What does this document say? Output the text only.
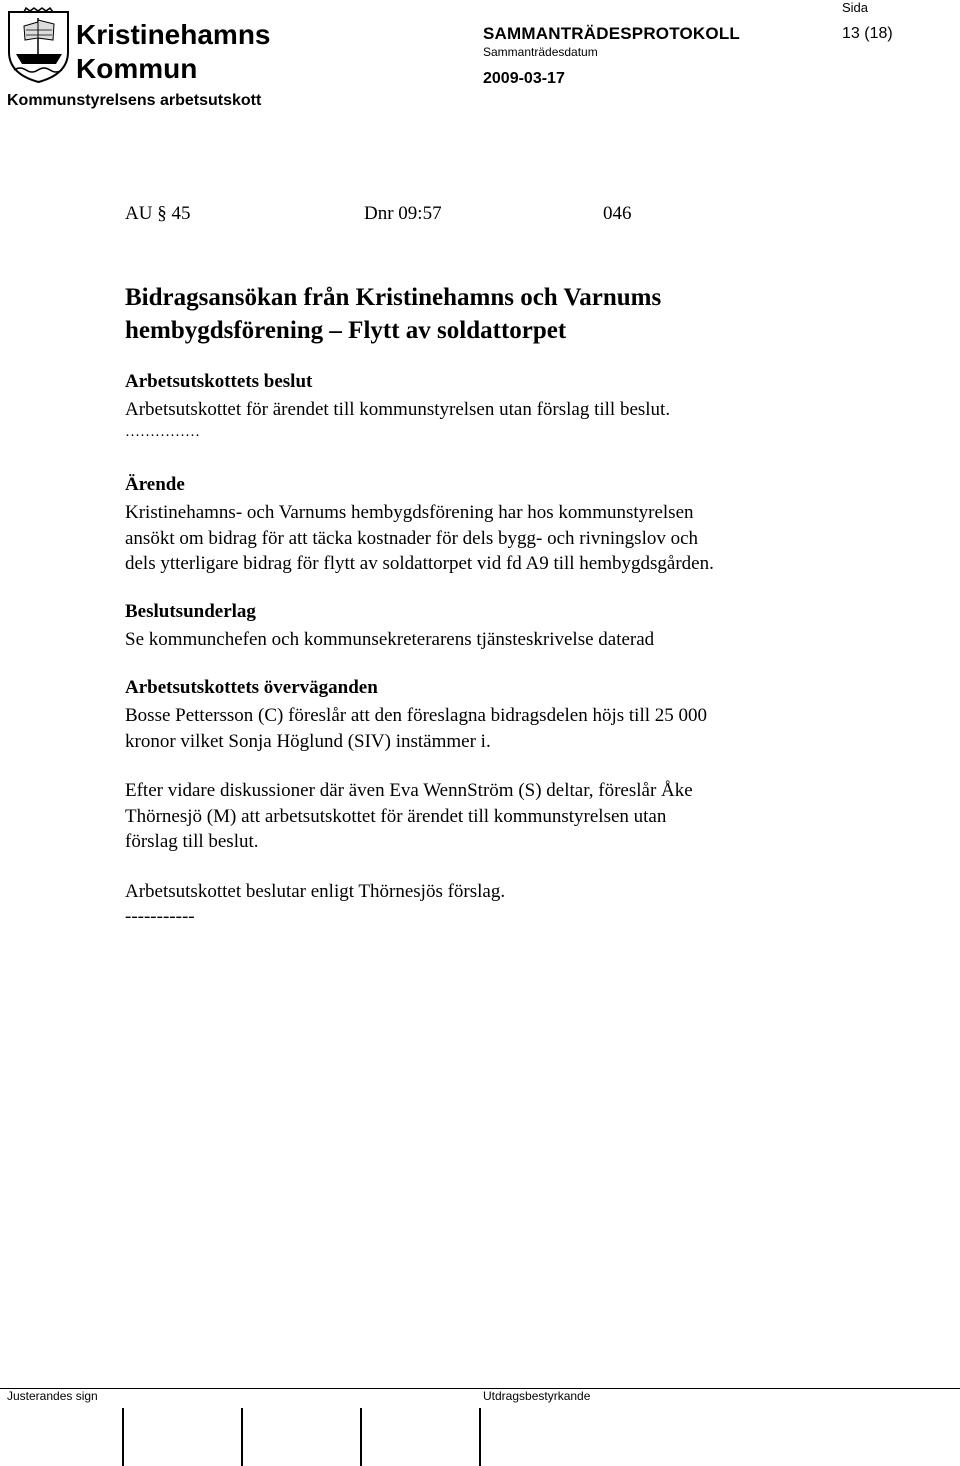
Kristinehamns
Kommun
Sida
13 (18)
SAMMANTRÄDESPROTOKOLL
Sammanträdesdatum
2009-03-17
Kommunstyrelsens arbetsutskott
AU § 45	Dnr 09:57	046
Bidragsansökan från Kristinehamns och Varnums
hembygdsförening – Flytt av soldattorpet
Arbetsutskottets beslut
Arbetsutskottet för ärendet till kommunstyrelsen utan förslag till beslut.
……………
Ärende
Kristinehamns- och Varnums hembygdsförening har hos kommunstyrelsen
ansökt om bidrag för att täcka kostnader för dels bygg- och rivningslov och
dels ytterligare bidrag för flytt av soldattorpet vid fd A9 till hembygdsgården.
Beslutsunderlag
Se kommunchefen och kommunsekreterarens tjänsteskrivelse daterad
Arbetsutskottets överväganden
Bosse Pettersson (C) föreslår att den föreslagna bidragsdelen höjs till 25 000
kronor vilket Sonja Höglund (SIV) instämmer i.
Efter vidare diskussioner där även Eva WennStröm (S) deltar, föreslår Åke
Thörnesjö (M) att arbetsutskottet för ärendet till kommunstyrelsen utan
förslag till beslut.
Arbetsutskottet beslutar enligt Thörnesjös förslag.
-----------
Justerandes sign	Utdragsbestyrkande
